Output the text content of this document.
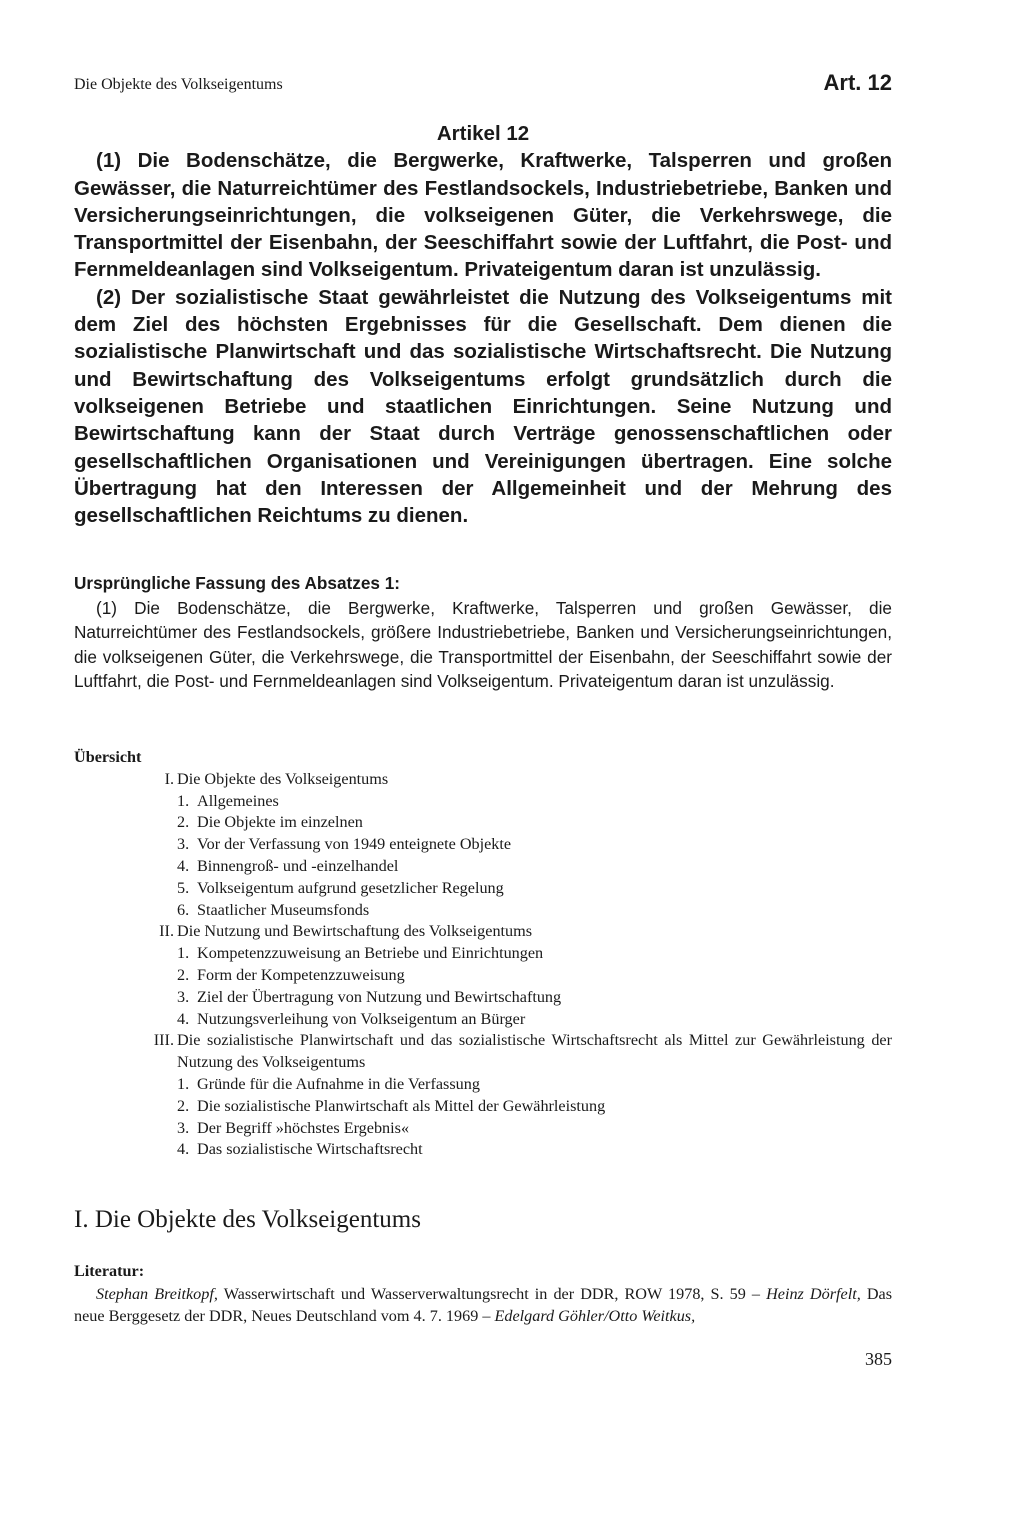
Die Objekte des Volkseigentums	Art. 12
Artikel 12

(1) Die Bodenschätze, die Bergwerke, Kraftwerke, Talsperren und großen Gewässer, die Naturreichtümer des Festlandsockels, Industriebetriebe, Banken und Versicherungseinrichtungen, die volkseigenen Güter, die Verkehrswege, die Transportmittel der Eisenbahn, der Seeschiffahrt sowie der Luftfahrt, die Post- und Fernmeldeanlagen sind Volkseigentum. Privateigentum daran ist unzulässig.

(2) Der sozialistische Staat gewährleistet die Nutzung des Volkseigentums mit dem Ziel des höchsten Ergebnisses für die Gesellschaft. Dem dienen die sozialistische Planwirtschaft und das sozialistische Wirtschaftsrecht. Die Nutzung und Bewirtschaftung des Volkseigentums erfolgt grundsätzlich durch die volkseigenen Betriebe und staatlichen Einrichtungen. Seine Nutzung und Bewirtschaftung kann der Staat durch Verträge genossenschaftlichen oder gesellschaftlichen Organisationen und Vereinigungen übertragen. Eine solche Übertragung hat den Interessen der Allgemeinheit und der Mehrung des gesellschaftlichen Reichtums zu dienen.

Ursprüngliche Fassung des Absatzes 1:

(1) Die Bodenschätze, die Bergwerke, Kraftwerke, Talsperren und großen Gewässer, die Naturreichtümer des Festlandsockels, größere Industriebetriebe, Banken und Versicherungseinrichtungen, die volkseigenen Güter, die Verkehrswege, die Transportmittel der Eisenbahn, der Seeschiffahrt sowie der Luftfahrt, die Post- und Fernmeldeanlagen sind Volkseigentum. Privateigentum daran ist unzulässig.

Übersicht
I. Die Objekte des Volkseigentums
1. Allgemeines
2. Die Objekte im einzelnen
3. Vor der Verfassung von 1949 enteignete Objekte
4. Binnengroß- und -einzelhandel
5. Volkseigentum aufgrund gesetzlicher Regelung
6. Staatlicher Museumsfonds
II. Die Nutzung und Bewirtschaftung des Volkseigentums
1. Kompetenzzuweisung an Betriebe und Einrichtungen
2. Form der Kompetenzzuweisung
3. Ziel der Übertragung von Nutzung und Bewirtschaftung
4. Nutzungsverleihung von Volkseigentum an Bürger
III. Die sozialistische Planwirtschaft und das sozialistische Wirtschaftsrecht als Mittel zur Gewährleistung der Nutzung des Volkseigentums
1. Gründe für die Aufnahme in die Verfassung
2. Die sozialistische Planwirtschaft als Mittel der Gewährleistung
3. Der Begriff »höchstes Ergebnis«
4. Das sozialistische Wirtschaftsrecht
I. Die Objekte des Volkseigentums
Literatur:
Stephan Breitkopf, Wasserwirtschaft und Wasserverwaltungsrecht in der DDR, ROW 1978, S. 59 – Heinz Dörfelt, Das neue Berggesetz der DDR, Neues Deutschland vom 4. 7. 1969 – Edelgard Göhler/Otto Weitkus,
385
